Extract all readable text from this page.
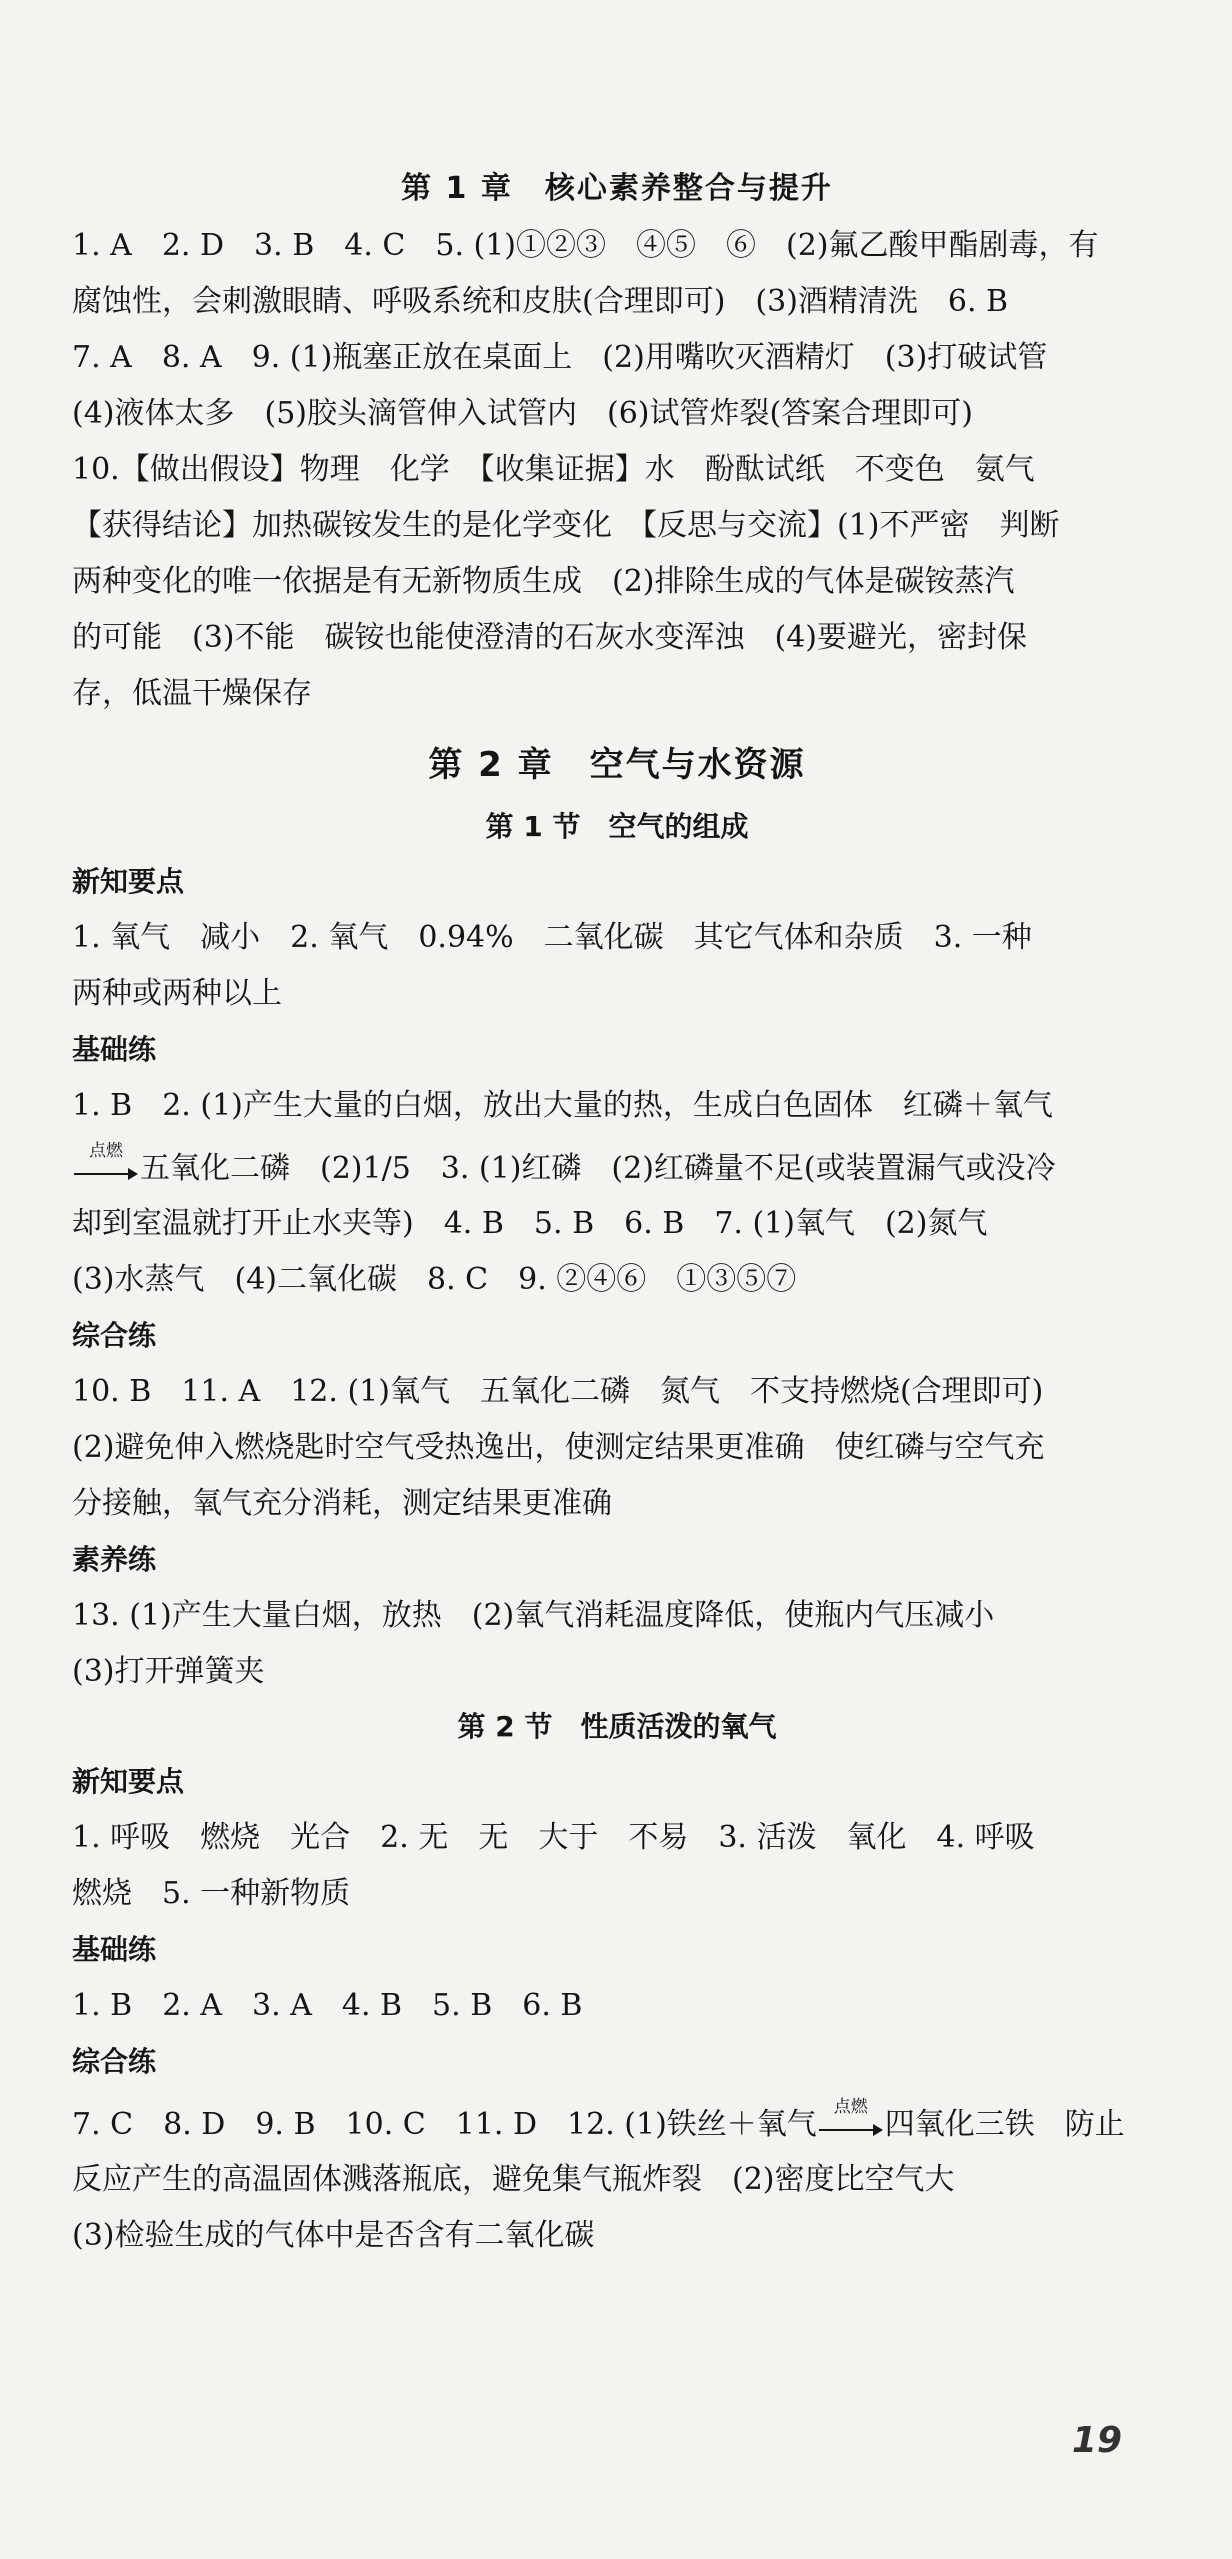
第 1 章　核心素养整合与提升
1. A　2. D　3. B　4. C　5. (1)①②③　④⑤　⑥　(2)氟乙酸甲酯剧毒，有
腐蚀性，会刺激眼睛、呼吸系统和皮肤(合理即可)　(3)酒精清洗　6. B
7. A　8. A　9. (1)瓶塞正放在桌面上　(2)用嘴吹灭酒精灯　(3)打破试管
(4)液体太多　(5)胶头滴管伸入试管内　(6)试管炸裂(答案合理即可)
10.【做出假设】物理　化学　【收集证据】水　酚酞试纸　不变色　氨气
【获得结论】加热碳铵发生的是化学变化　【反思与交流】(1)不严密　判断
两种变化的唯一依据是有无新物质生成　(2)排除生成的气体是碳铵蒸汽
的可能　(3)不能　碳铵也能使澄清的石灰水变浑浊　(4)要避光，密封保
存，低温干燥保存
第 2 章　空气与水资源
第 1 节　空气的组成
新知要点
1. 氧气　减小　2. 氧气　0.94%　二氧化碳　其它气体和杂质　3. 一种
两种或两种以上
基础练
1. B　2. (1)产生大量的白烟，放出大量的热，生成白色固体　红磷＋氧气
点燃 五氧化二磷　(2)1/5　3. (1)红磷　(2)红磷量不足(或装置漏气或没冷
却到室温就打开止水夹等)　4. B　5. B　6. B　7. (1)氧气　(2)氮气
(3)水蒸气　(4)二氧化碳　8. C　9. ②④⑥　①③⑤⑦
综合练
10. B　11. A　12. (1)氧气　五氧化二磷　氮气　不支持燃烧(合理即可)
(2)避免伸入燃烧匙时空气受热逸出，使测定结果更准确　使红磷与空气充
分接触，氧气充分消耗，测定结果更准确
素养练
13. (1)产生大量白烟，放热　(2)氧气消耗温度降低，使瓶内气压减小
(3)打开弹簧夹
第 2 节　性质活泼的氧气
新知要点
1. 呼吸　燃烧　光合　2. 无　无　大于　不易　3. 活泼　氧化　4. 呼吸
燃烧　5. 一种新物质
基础练
1. B　2. A　3. A　4. B　5. B　6. B
综合练
7. C　8. D　9. B　10. C　11. D　12. (1)铁丝＋氧气	点燃 四氧化三铁　防止
反应产生的高温固体溅落瓶底，避免集气瓶炸裂　(2)密度比空气大
(3)检验生成的气体中是否含有二氧化碳
19
